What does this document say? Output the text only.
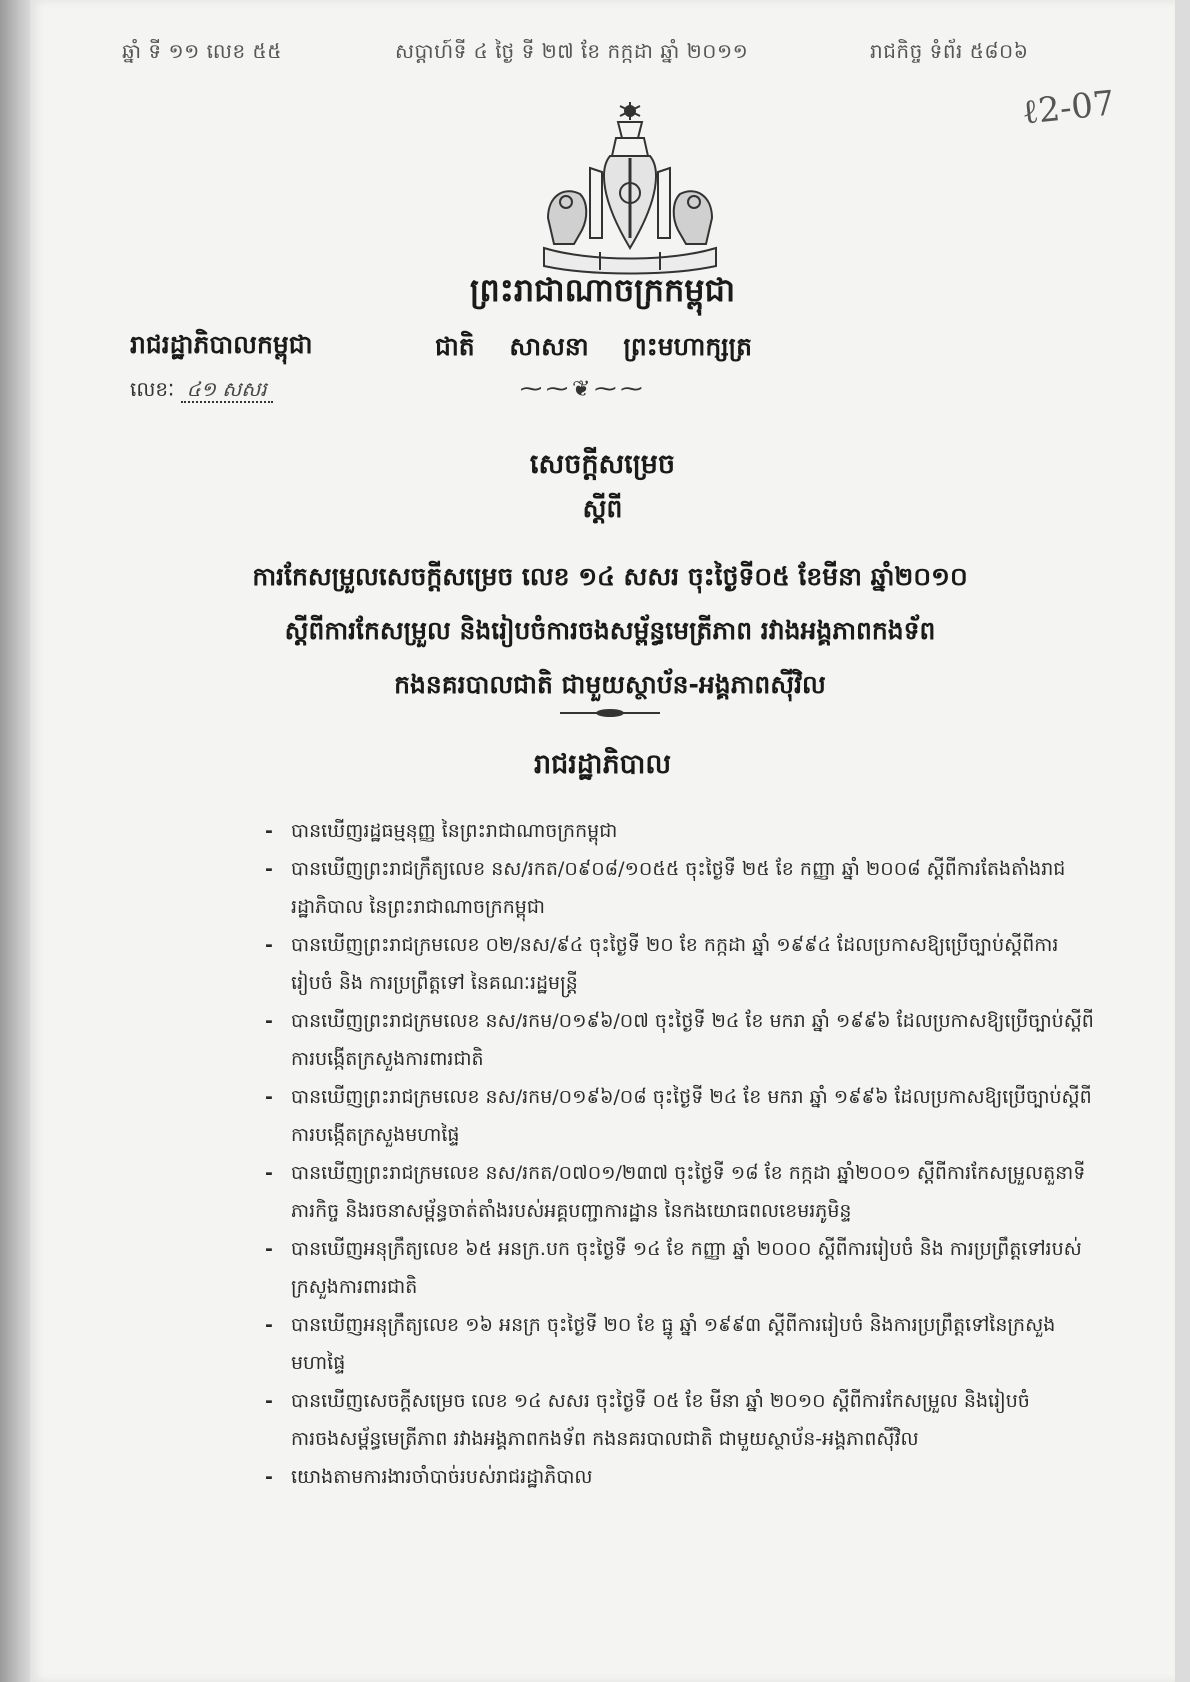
ឆ្នាំ ទី ១១ លេខ ៥៥	សប្តាហ៍ទី ៤ ថ្ងៃ ទី ២៧ ខែ កក្កដា ឆ្នាំ ២០១១	រាជកិច្ច ទំព័រ ៥៨០៦
ℓ2-07
ព្រះរាជាណាចក្រកម្ពុជា
ជាតិ សាសនា ព្រះមហាក្សត្រ
⁓⁓❦⁓⁓
រាជរដ្ឋាភិបាលកម្ពុជា
លេខៈ ៤១ សសរ
សេចក្តីសម្រេច
ស្តីពី
ការកែសម្រួលសេចក្តីសម្រេច លេខ ១៤ សសរ ចុះថ្ងៃទី០៥ ខែមីនា ឆ្នាំ២០១០
ស្តីពីការកែសម្រួល និងរៀបចំការចងសម្ព័ន្ធមេត្រីភាព រវាងអង្គភាពកងទ័ព
កងនគរបាលជាតិ ជាមួយស្ថាប័ន-អង្គភាពស៊ីវិល
រាជរដ្ឋាភិបាល
- បានឃើញរដ្ឋធម្មនុញ្ញ នៃព្រះរាជាណាចក្រកម្ពុជា
- បានឃើញព្រះរាជក្រឹត្យលេខ នស/រកត/០៩០៨/១០៥៥ ចុះថ្ងៃទី ២៥ ខែ កញ្ញា ឆ្នាំ ២០០៨ ស្តីពីការតែងតាំងរាជរដ្ឋាភិបាល នៃព្រះរាជាណាចក្រកម្ពុជា
- បានឃើញព្រះរាជក្រមលេខ ០២/នស/៩៤ ចុះថ្ងៃទី ២០ ខែ កក្កដា ឆ្នាំ ១៩៩៤ ដែលប្រកាសឱ្យប្រើច្បាប់ស្តីពីការរៀបចំ និង ការប្រព្រឹត្តទៅ នៃគណៈរដ្ឋមន្ត្រី
- បានឃើញព្រះរាជក្រមលេខ នស/រកម/០១៩៦/០៧ ចុះថ្ងៃទី ២៤ ខែ មករា ឆ្នាំ ១៩៩៦ ដែលប្រកាសឱ្យប្រើច្បាប់ស្តីពីការបង្កើតក្រសួងការពារជាតិ
- បានឃើញព្រះរាជក្រមលេខ នស/រកម/០១៩៦/០៨ ចុះថ្ងៃទី ២៤ ខែ មករា ឆ្នាំ ១៩៩៦ ដែលប្រកាសឱ្យប្រើច្បាប់ស្តីពីការបង្កើតក្រសួងមហាផ្ទៃ
- បានឃើញព្រះរាជក្រមលេខ នស/រកត/០៧០១/២៣៧ ចុះថ្ងៃទី ១៨ ខែ កក្កដា ឆ្នាំ២០០១ ស្តីពីការកែសម្រួលតួនាទីភារកិច្ច និងរចនាសម្ព័ន្ធចាត់តាំងរបស់អគ្គបញ្ជាការដ្ឋាន នៃកងយោធពលខេមរភូមិន្ទ
- បានឃើញអនុក្រឹត្យលេខ ៦៥ អនក្រ.បក ចុះថ្ងៃទី ១៤ ខែ កញ្ញា ឆ្នាំ ២០០០ ស្តីពីការរៀបចំ និង ការប្រព្រឹត្តទៅរបស់ក្រសួងការពារជាតិ
- បានឃើញអនុក្រឹត្យលេខ ១៦ អនក្រ ចុះថ្ងៃទី ២០ ខែ ធ្នូ ឆ្នាំ ១៩៩៣ ស្តីពីការរៀបចំ និងការប្រព្រឹត្តទៅនៃក្រសួងមហាផ្ទៃ
- បានឃើញសេចក្តីសម្រេច លេខ ១៤ សសរ ចុះថ្ងៃទី ០៥ ខែ មីនា ឆ្នាំ ២០១០ ស្តីពីការកែសម្រួល និងរៀបចំការចងសម្ព័ន្ធមេត្រីភាព រវាងអង្គភាពកងទ័ព កងនគរបាលជាតិ ជាមួយស្ថាប័ន-អង្គភាពស៊ីវិល
- យោងតាមការងារចាំបាច់របស់រាជរដ្ឋាភិបាល
